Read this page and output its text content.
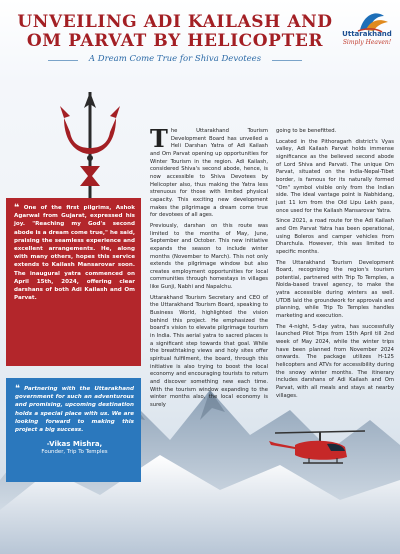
UNVEILING ADI KAILASH AND
OM PARVAT BY HELICOPTER
A Dream Come True for Shiva Devotees
Uttarakhand
Simply Heaven!
❝ One of the first pilgrims, Ashok Agarwal from Gujarat, expressed his joy. "Reaching my God's second abode is a dream come true," he said, praising the seamless experience and excellent arrangements. He, along with many others, hopes this service extends to Kailash Mansarovar soon. The inaugural yatra commenced on April 15th, 2024, offering clear darshans of both Adi Kailash and Om Parvat.
❝ Partnering with the Uttarakhand government for such an adventurous and promising, upcoming destination holds a special place with us. We are looking forward to making this project a big success.
-Vikas Mishra,
Founder, Trip To Temples

T he Uttarakhand Tourism Development Board has unveiled a Heli Darshan Yatra of Adi Kailash and Om Parvat opening up opportunities for Winter Tourism in the region. Adi Kailash, considered Shiva's second abode, hence, is now accessible to Shiva Devotees by Helicopter also, thus making the Yatra less strenuous for those with limited physical capacity. This exciting new development makes the pilgrimage a dream come true for devotees of all ages.

Previously, darshan on this route was limited to the months of May, June, September and October. This new initiative expands the season to include winter months (November to March). This not only extends the pilgrimage window but also creates employment opportunities for local communities through homestays in villages like Gunji, Nabhi and Napalchu.

Uttarakhand Tourism Secretary and CEO of the Uttarakhand Tourism Board, speaking to Business World, highlighted the vision behind this project. He emphasized the board's vision to elevate pilgrimage tourism in India. This aerial yatra to sacred places is a significant step towards that goal. While the breathtaking views and holy sites offer spiritual fulfilment, the board, through this initiative is also trying to boost the local economy and encouraging tourists to return and discover something new each time. With the tourism window expanding to the winter months also, the local economy is surely

going to be benefitted.

Located in the Pithoragarh district's Vyas valley, Adi Kailash Parvat holds immense significance as the believed second abode of Lord Shiva and Parvati. The unique Om Parvat, situated on the India-Nepal-Tibet border, is famous for its naturally formed "Om" symbol visible only from the Indian side. The ideal vantage point is Nabhidang, just 11 km from the Old Lipu Lekh pass, once used for the Kailash Mansarovar Yatra.

Since 2021, a road route for the Adi Kailash and Om Parvat Yatra has been operational, using Boleros and camper vehicles from Dharchula. However, this was limited to specific months.

The Uttarakhand Tourism Development Board, recognizing the region's tourism potential, partnered with Trip To Temples, a Noida-based travel agency, to make the yatra accessible during winters as well. UTDB laid the groundwork for approvals and planning, while Trip To Temples handles marketing and execution.

The 4-night, 5-day yatra, has successfully launched Pilot Trips from 15th April till 2nd week of May 2024, while the winter trips have been planned from November 2024 onwards. The package utilizes H-125 helicopters and ATVs for accessibility during the snowy winter months. The itinerary includes darshans of Adi Kailash and Om Parvat, with all meals and stays at nearby villages.
